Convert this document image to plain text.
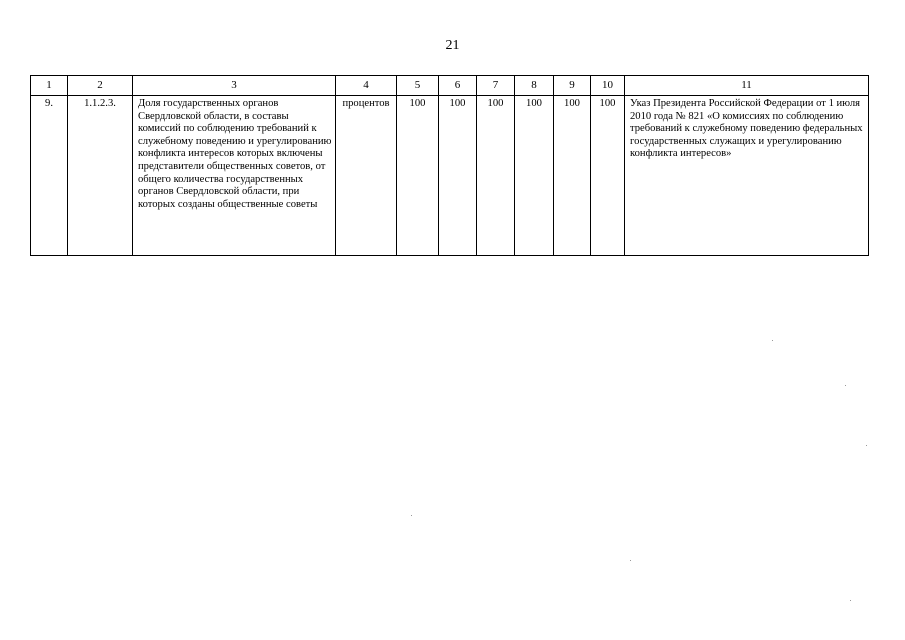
21
1	2	3	4	5	6	7	8	9	10	11
9.	1.1.2.3.	Доля государственных органов Свердловской области, в составы комиссий по соблюдению требований к служебному поведению и урегулированию конфликта интересов которых включены представители общественных советов, от общего количества государственных органов Свердловской области, при которых созданы общественные советы	процентов	100	100	100	100	100	100	Указ Президента Российской Федерации от 1 июля 2010 года № 821 «О комиссиях по соблюдению требований к служебному поведению федеральных государственных служащих и урегулированию конфликта интересов»
